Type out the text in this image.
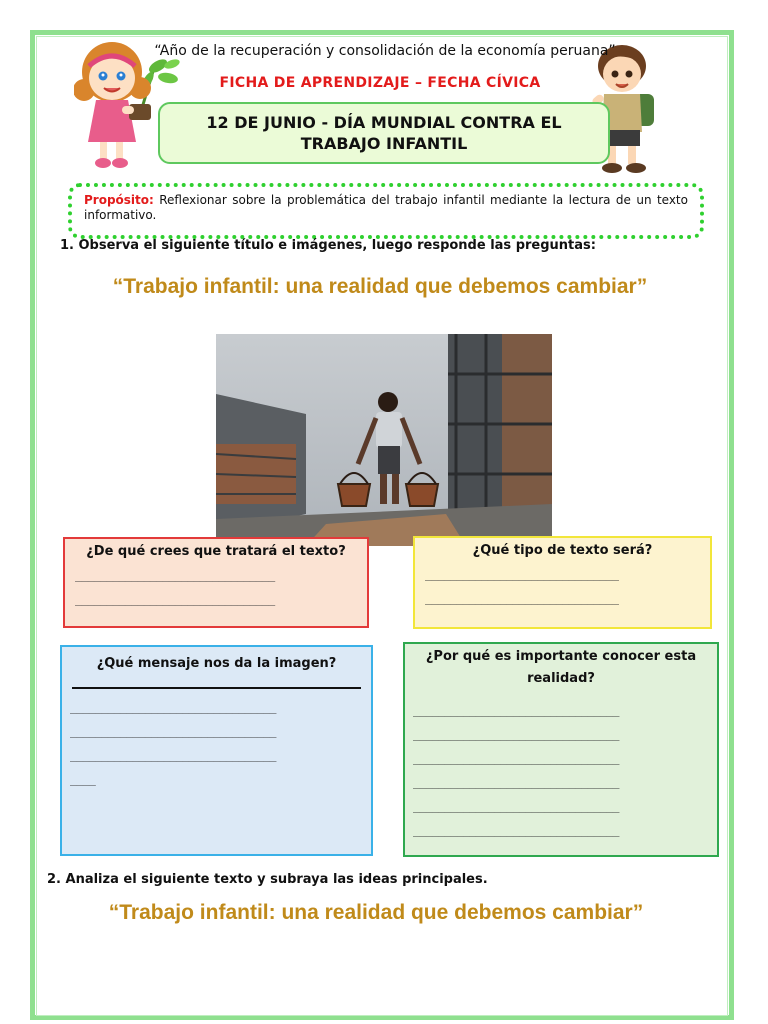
“Año de la recuperación y consolidación de la economía peruana”
FICHA DE APRENDIZAJE – FECHA CÍVICA
12 DE JUNIO - DÍA MUNDIAL CONTRA EL TRABAJO INFANTIL
Propósito: Reflexionar sobre la problemática del trabajo infantil mediante la lectura de un texto informativo.
1. Observa el siguiente título e imágenes, luego responde las preguntas:
“Trabajo infantil: una realidad que debemos cambiar”
¿De qué crees que tratará el texto?
________________________________
________________________________
¿Qué tipo de texto será?
_______________________________
_______________________________
¿Qué mensaje nos da la imagen?
_________________________________
_________________________________
_________________________________
____
¿Por qué es importante conocer esta realidad?
_________________________________
_________________________________
_________________________________
_________________________________
_________________________________
_________________________________
2. Analiza el siguiente texto y subraya las ideas principales.
“Trabajo infantil: una realidad que debemos cambiar”
